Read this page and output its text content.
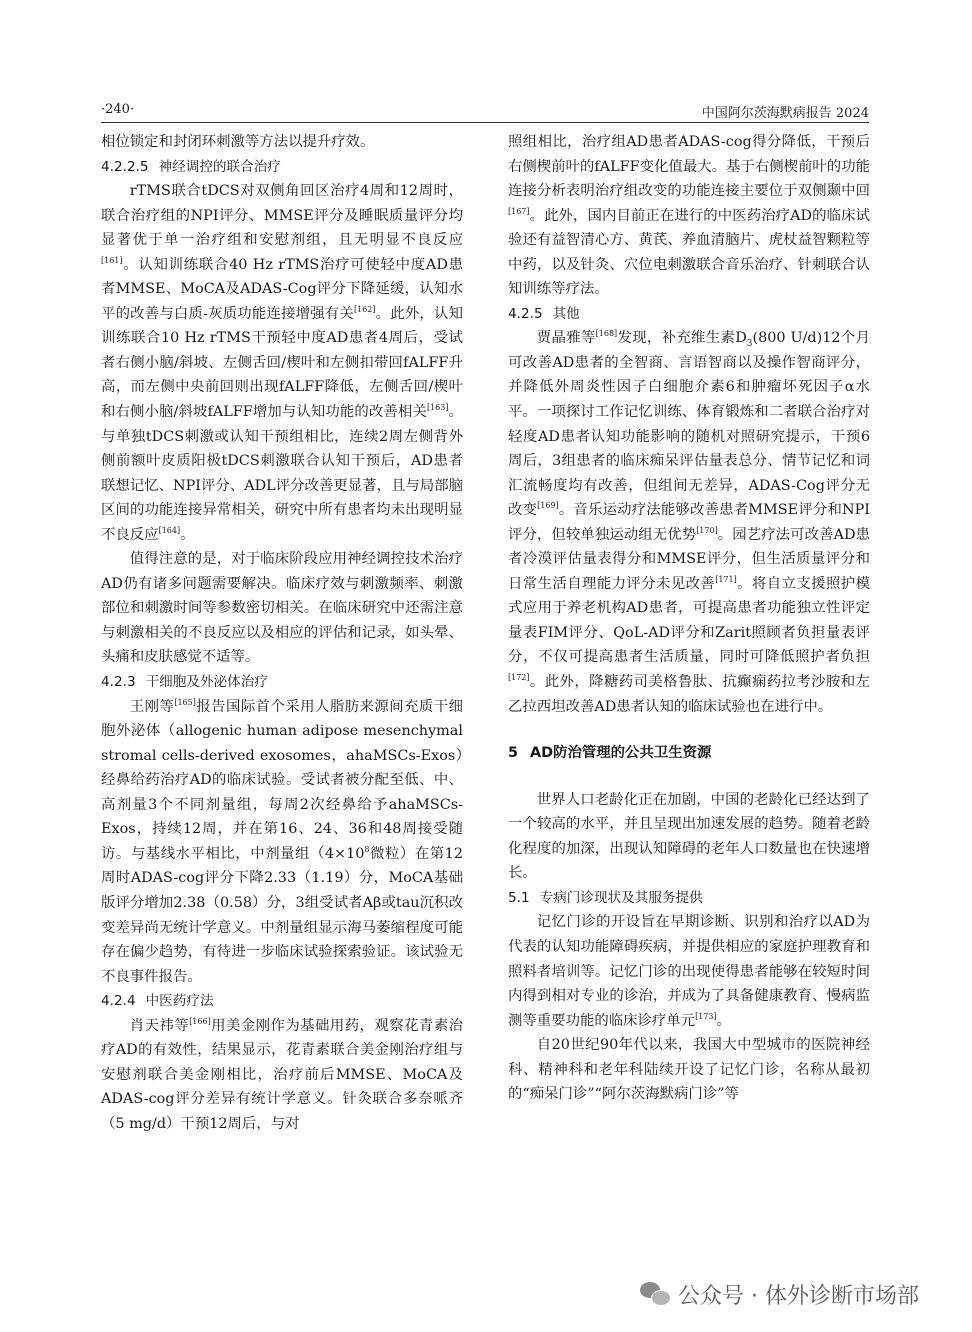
·240·	中国阿尔茨海默病报告 2024

相位锁定和封闭环刺激等方法以提升疗效。

4.2.2.5 神经调控的联合治疗

rTMS联合tDCS对双侧角回区治疗4周和12周时，联合治疗组的NPI评分、MMSE评分及睡眠质量评分均显著优于单一治疗组和安慰剂组，且无明显不良反应[161]。认知训练联合40 Hz rTMS治疗可使轻中度AD患者MMSE、MoCA及ADAS-Cog评分下降延缓，认知水平的改善与白质-灰质功能连接增强有关[162]。此外，认知训练联合10 Hz rTMS干预轻中度AD患者4周后，受试者右侧小脑/斜坡、左侧舌回/楔叶和左侧扣带回fALFF升高，而左侧中央前回则出现fALFF降低，左侧舌回/楔叶和右侧小脑/斜坡fALFF增加与认知功能的改善相关[163]。与单独tDCS刺激或认知干预组相比，连续2周左侧背外侧前额叶皮质阳极tDCS刺激联合认知干预后，AD患者联想记忆、NPI评分、ADL评分改善更显著，且与局部脑区间的功能连接异常相关，研究中所有患者均未出现明显不良反应[164]。

值得注意的是，对于临床阶段应用神经调控技术治疗AD仍有诸多问题需要解决。临床疗效与刺激频率、刺激部位和刺激时间等参数密切相关。在临床研究中还需注意与刺激相关的不良反应以及相应的评估和记录，如头晕、头痛和皮肤感觉不适等。

4.2.3 干细胞及外泌体治疗

王刚等[165]报告国际首个采用人脂肪来源间充质干细胞外泌体（allogenic human adipose mesenchymal stromal cells-derived exosomes，ahaMSCs-Exos）经鼻给药治疗AD的临床试验。受试者被分配至低、中、高剂量3个不同剂量组，每周2次经鼻给予ahaMSCs-Exos，持续12周，并在第16、24、36和48周接受随访。与基线水平相比，中剂量组（$4\times 10^8$微粒）在第12周时ADAS-cog评分下降2.33（1.19）分，MoCA基础版评分增加2.38（0.58）分，3组受试者Aβ或tau沉积改变差异尚无统计学意义。中剂量组显示海马萎缩程度可能存在偏少趋势，有待进一步临床试验探索验证。该试验无不良事件报告。

4.2.4 中医药疗法

肖天祎等[166]用美金刚作为基础用药，观察花青素治疗AD的有效性，结果显示，花青素联合美金刚治疗组与安慰剂联合美金刚相比，治疗前后MMSE、MoCA及ADAS-cog评分差异有统计学意义。针灸联合多奈哌齐（5 mg/d）干预12周后，与对

照组相比，治疗组AD患者ADAS-cog得分降低，干预后右侧楔前叶的fALFF变化值最大。基于右侧楔前叶的功能连接分析表明治疗组改变的功能连接主要位于双侧颞中回[167]。此外，国内目前正在进行的中医药治疗AD的临床试验还有益智清心方、黄芪、养血清脑片、虎杖益智颗粒等中药，以及针灸、穴位电刺激联合音乐治疗、针刺联合认知训练等疗法。

4.2.5 其他

贾晶雅等[168]发现，补充维生素$D_3(800$ U/d)12个月可改善AD患者的全智商、言语智商以及操作智商评分，并降低外周炎性因子白细胞介素6和肿瘤坏死因子α水平。一项探讨工作记忆训练、体育锻炼和二者联合治疗对轻度AD患者认知功能影响的随机对照研究提示，干预6周后，3组患者的临床痴呆评估量表总分、情节记忆和词汇流畅度均有改善，但组间无差异，ADAS-Cog评分无改变[169]。音乐运动疗法能够改善患者MMSE评分和NPI评分，但较单独运动组无优势[170]。园艺疗法可改善AD患者冷漠评估量表得分和MMSE评分，但生活质量评分和日常生活自理能力评分未见改善[171]。将自立支援照护模式应用于养老机构AD患者，可提高患者功能独立性评定量表FIM评分、QoL-AD评分和Zarit照顾者负担量表评分，不仅可提高患者生活质量，同时可降低照护者负担[172]。此外，降糖药司美格鲁肽、抗癫痫药拉考沙胺和左乙拉西坦改善AD患者认知的临床试验也在进行中。

5 AD防治管理的公共卫生资源

世界人口老龄化正在加剧，中国的老龄化已经达到了一个较高的水平，并且呈现出加速发展的趋势。随着老龄化程度的加深，出现认知障碍的老年人口数量也在快速增长。

5.1 专病门诊现状及其服务提供

记忆门诊的开设旨在早期诊断、识别和治疗以AD为代表的认知功能障碍疾病，并提供相应的家庭护理教育和照料者培训等。记忆门诊的出现使得患者能够在较短时间内得到相对专业的诊治，并成为了具备健康教育、慢病监测等重要功能的临床诊疗单元[173]。

自20世纪90年代以来，我国大中型城市的医院神经科、精神科和老年科陆续开设了记忆门诊，名称从最初的“痴呆门诊”“阿尔茨海默病门诊”等

公众号 · 体外诊断市场部
